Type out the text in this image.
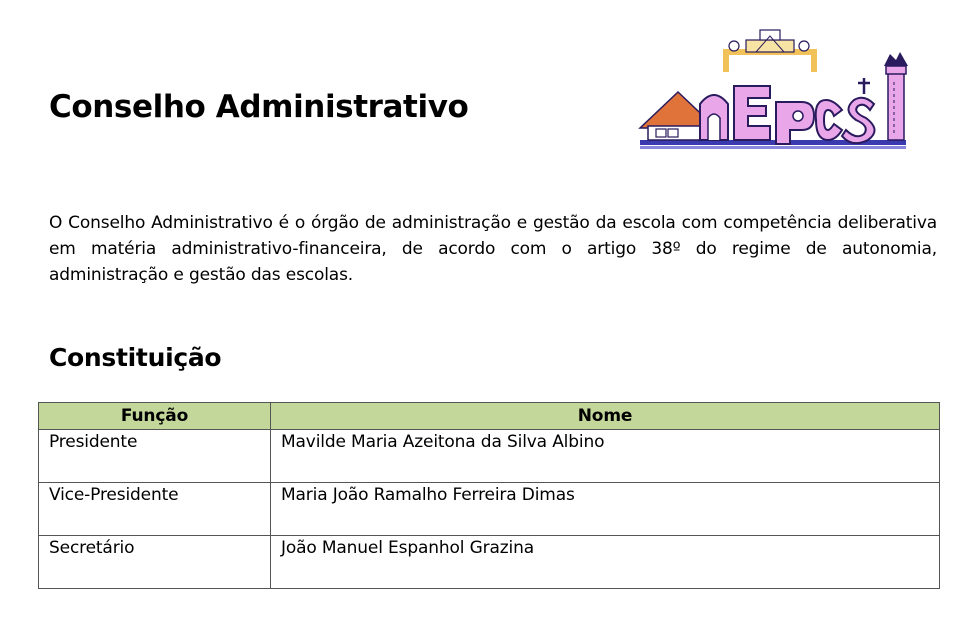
Conselho Administrativo

O Conselho Administrativo é o órgão de administração e gestão da escola com competência deliberativa em matéria administrativo-financeira, de acordo com o artigo 38º do regime de autonomia, administração e gestão das escolas.

Constituição
Função	Nome
Presidente	Mavilde Maria Azeitona da Silva Albino
Vice-Presidente	Maria João Ramalho Ferreira Dimas
Secretário	João Manuel Espanhol Grazina
